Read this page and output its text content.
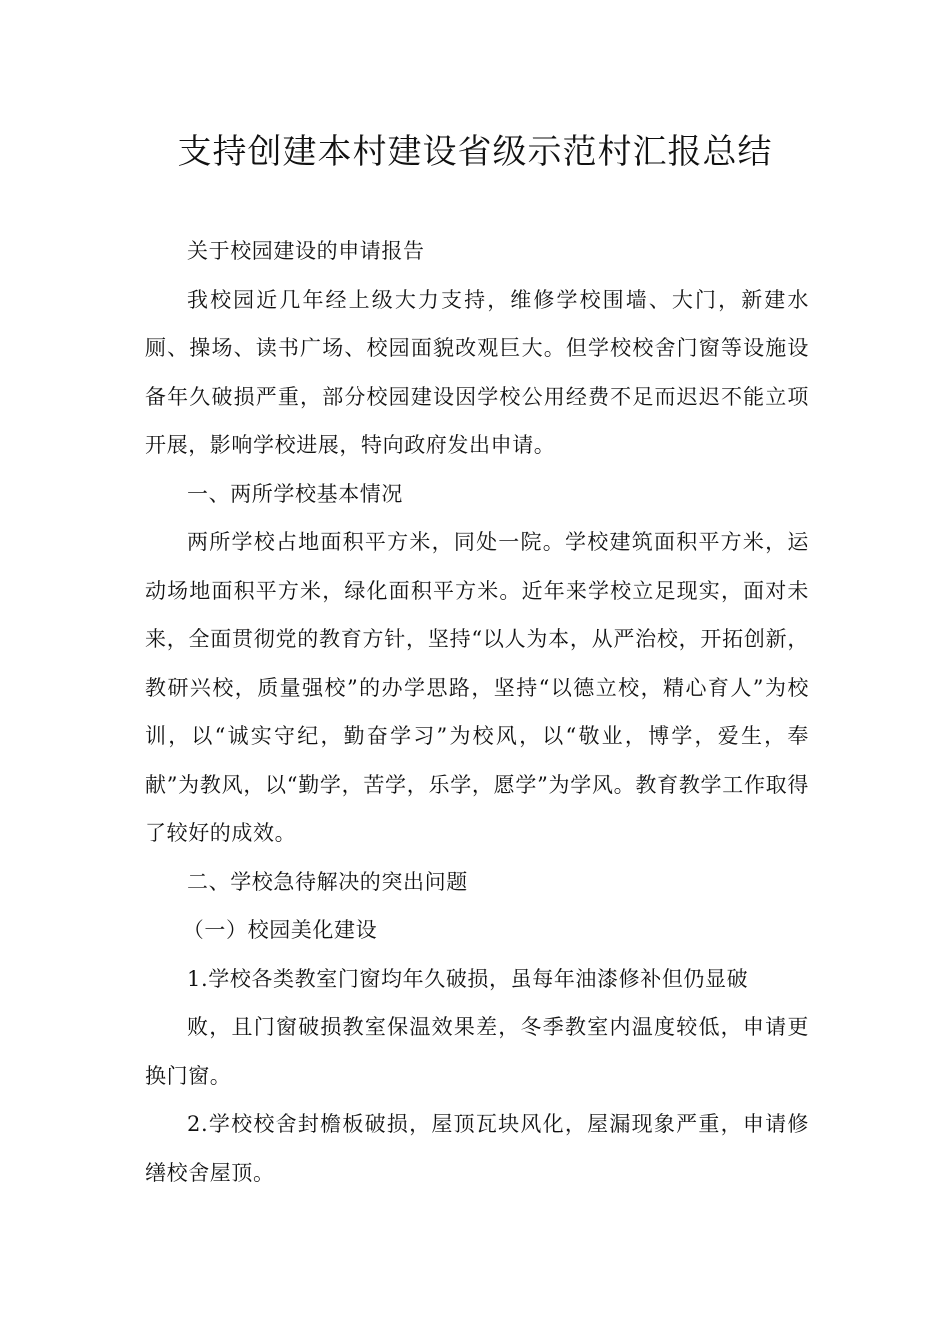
支持创建本村建设省级示范村汇报总结

关于校园建设的申请报告

我校园近几年经上级大力支持，维修学校围墙、大门，新建水厕、操场、读书广场、校园面貌改观巨大。但学校校舍门窗等设施设备年久破损严重，部分校园建设因学校公用经费不足而迟迟不能立项开展，影响学校进展，特向政府发出申请。

一、两所学校基本情况

两所学校占地面积平方米，同处一院。学校建筑面积平方米，运动场地面积平方米，绿化面积平方米。近年来学校立足现实，面对未来，全面贯彻党的教育方针，坚持“以人为本，从严治校，开拓创新，教研兴校，质量强校”的办学思路，坚持“以德立校，精心育人”为校训，以“诚实守纪，勤奋学习”为校风，以“敬业，博学，爱生，奉献”为教风，以“勤学，苦学，乐学，愿学”为学风。教育教学工作取得了较好的成效。

二、学校急待解决的突出问题

（一）校园美化建设

1.学校各类教室门窗均年久破损，虽每年油漆修补但仍显破

败，且门窗破损教室保温效果差，冬季教室内温度较低，申请更换门窗。

2.学校校舍封檐板破损，屋顶瓦块风化，屋漏现象严重，申请修缮校舍屋顶。
